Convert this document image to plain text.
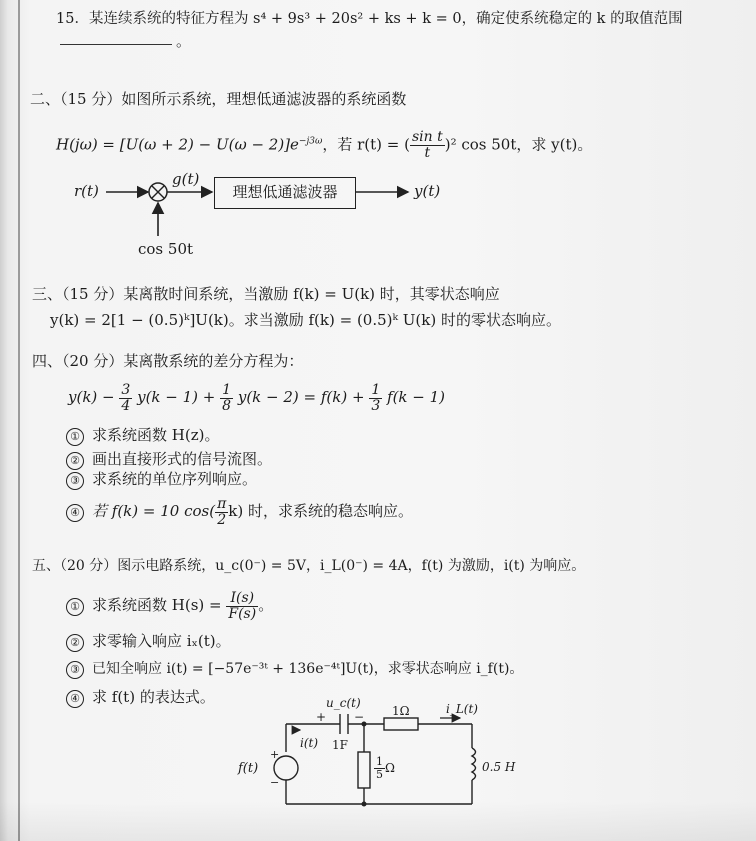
15．某连续系统的特征方程为 s⁴ + 9s³ + 20s² + ks + k = 0，确定使系统稳定的 k 的取值范围
。
二、（15 分）如图所示系统，理想低通滤波器的系统函数
$H(j\omega) = [U(\omega + 2) - U(\omega - 2)]e^{-j3\omega}$，若 r(t) = ( $\frac{\text{sin t}}{t} )^2$ cos 50t，求 y(t)。
r(t)
g(t)
理想低通滤波器	y(t)
cos 50t
三、（15 分）某离散时间系统，当激励 f(k) = U(k) 时，其零状态响应
y(k) = 2[1 − (0.5)ᵏ]U(k)。求当激励 f(k) = (0.5)ᵏ U(k) 时的零状态响应。
四、（20 分）某离散系统的差分方程为：
$y(k) - \frac{3}{4} y(k - 1) + \frac{1}{8} y(k - 2) = f(k) + \frac{1}{3} f(k - 1)$
① 求系统函数 H(z)。
② 画出直接形式的信号流图。
③ 求系统的单位序列响应。
④ 若 f(k) = 10 $\cos( \frac{\pi}{2} k)$ 时，求系统的稳态响应。
五、（20 分）图示电路系统，u_c(0⁻) = 5V，i_L(0⁻) = 4A，f(t) 为激励，i(t) 为响应。
① 求系统函数 $H(s) = \frac{I(s)}{F(s)}$ 。
② 求零输入响应 iₓ(t)。
③ 已知全响应 i(t) = [−57e⁻³ᵗ + 136e⁻⁴ᵗ]U(t)，求零状态响应 i_f(t)。
④ 求 f(t) 的表达式。	u_c(t)
+ −
i(t) 1F
1Ω	i_L(t)
f(t)
+
−
$\frac{1}{5}$ Ω	0.5 H
